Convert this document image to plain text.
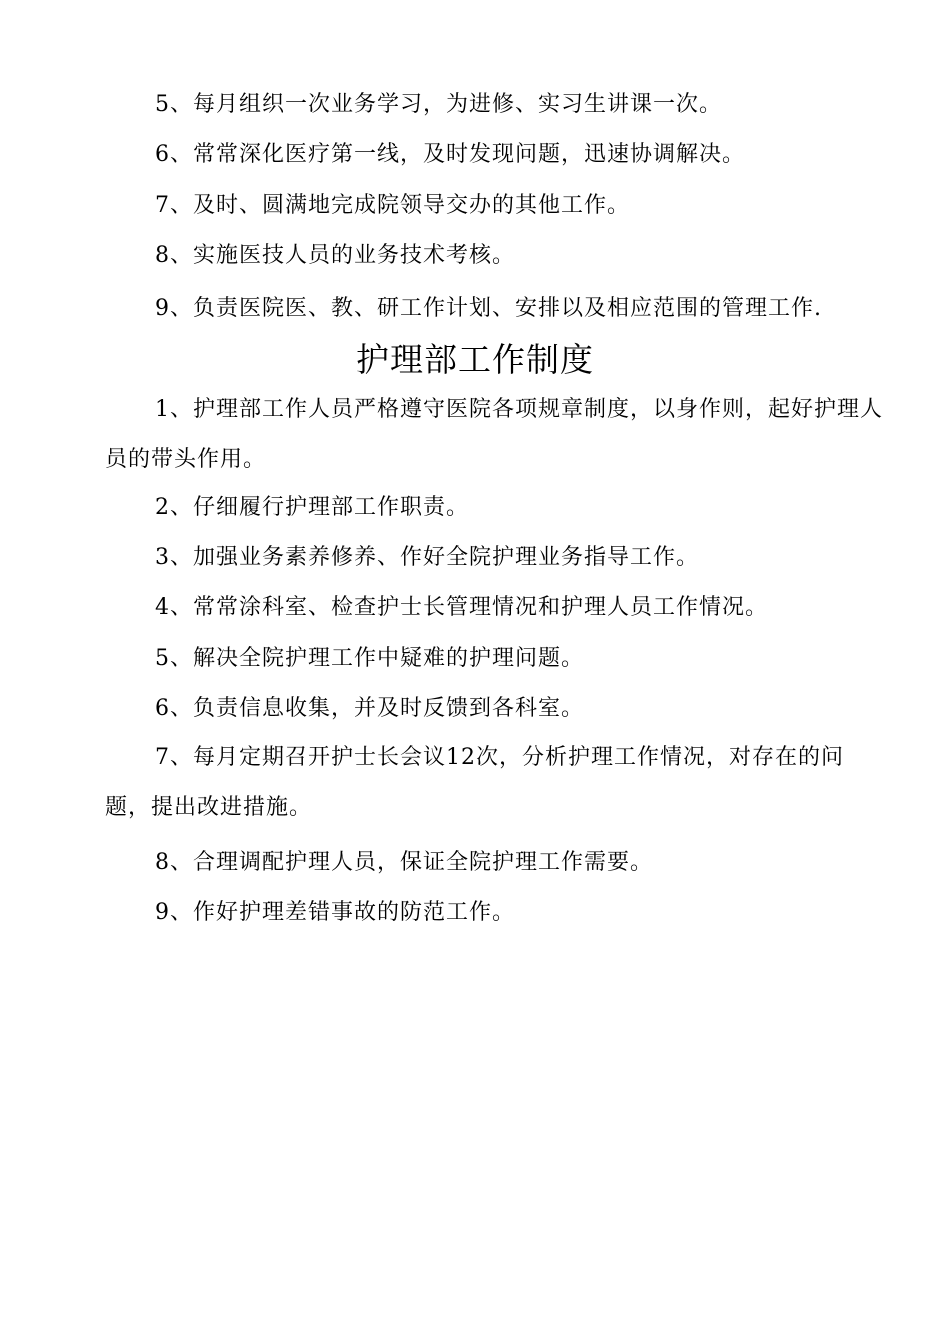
5、每月组织一次业务学习，为进修、实习生讲课一次。

6、常常深化医疗第一线，及时发现问题，迅速协调解决。

7、及时、圆满地完成院领导交办的其他工作。

8、实施医技人员的业务技术考核。

9、负责医院医、教、研工作计划、安排以及相应范围的管理工作.

护理部工作制度

1、护理部工作人员严格遵守医院各项规章制度，以身作则，起好护理人员的带头作用。

2、仔细履行护理部工作职责。

3、加强业务素养修养、作好全院护理业务指导工作。

4、常常涂科室、检查护士长管理情况和护理人员工作情况。

5、解决全院护理工作中疑难的护理问题。

6、负责信息收集，并及时反馈到各科室。

7、每月定期召开护士长会议12次，分析护理工作情况，对存在的问题，提出改进措施。

8、合理调配护理人员，保证全院护理工作需要。

9、作好护理差错事故的防范工作。
